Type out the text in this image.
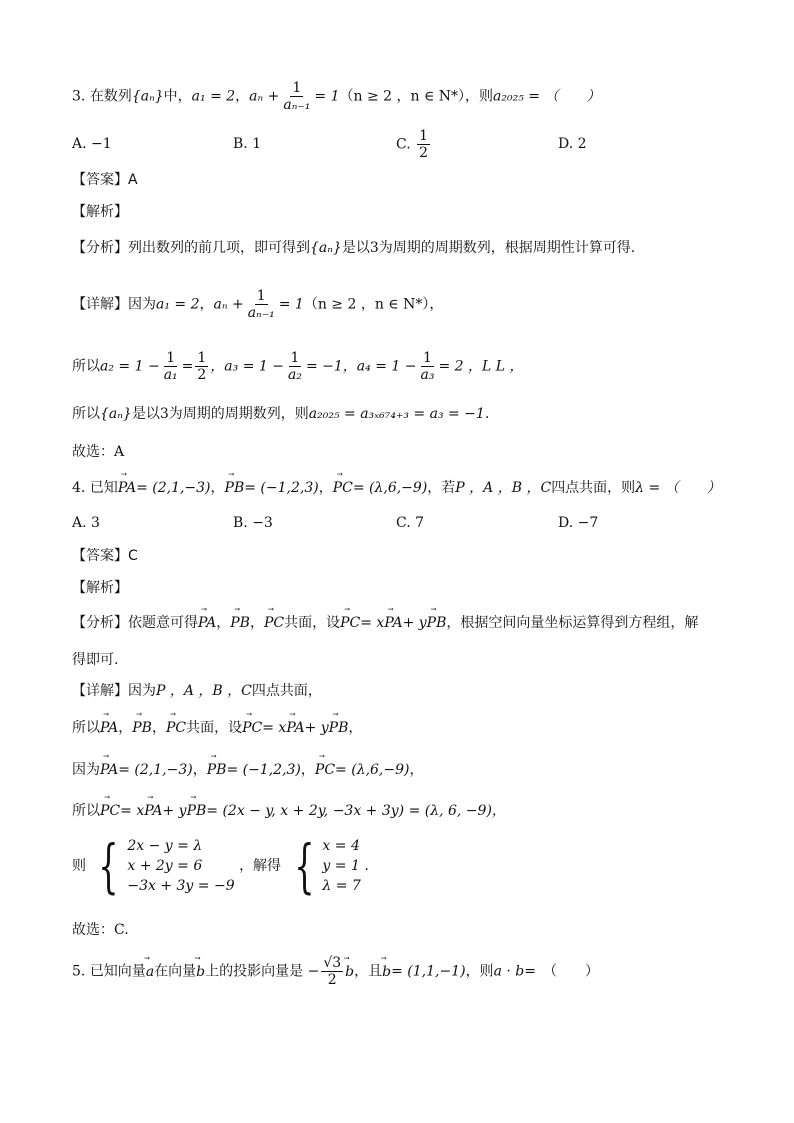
3. 在数列{aₙ}中，a₁ = 2，$a_n + \frac{1}{\text{aₙ₋₁}} = 1(n \ge 2$ ，n ∈ N*），则a₂₀₂₅ = （　　）
A. −1	B. 1	C. $\frac{1}{2}$	D. 2
【答案】A
【解析】
【分析】列出数列的前几项，即可得到{aₙ}是以3为周期的周期数列，根据周期性计算可得.
【详解】因为a₁ = 2，$a_n + \frac{1}{\text{aₙ₋₁}} = 1(n \ge 2$ ，n ∈ N*），
所以$a_2 = 1 - \frac{1}{\text{a₁}} = \frac{1}{2}$ ，$a_3 = 1 - \frac{1}{\text{a₂}} = -1$，$a_4 = 1 - \frac{1}{\text{a₃}} = 2$ ，L L ，
所以{aₙ}是以3为周期的周期数列，则a₂₀₂₅ = a₃ₓ₆₇₄₊₃ = a₃ = −1.
故选：A
4. 已知⃗ PA= (2,1,−3)，⃗ PB= (−1,2,3)，⃗ PC= (λ,6,−9)，若P ，A ，B ，C四点共面，则λ = （　　）
A. 3	B. −3	C. 7	D. −7
【答案】C
【解析】
【分析】依题意可得⃗ PA，⃗ PB，⃗ PC共面，设⃗ PC= x⃗ PA+ y⃗ PB，根据空间向量坐标运算得到方程组，解
得即可.
【详解】因为P ，A ，B ，C四点共面，
所以⃗ PA，⃗ PB，⃗ PC共面，设⃗ PC= x⃗ PA+ y⃗ PB，
因为⃗ PA= (2,1,−3)，⃗ PB= (−1,2,3)，⃗ PC= (λ,6,−9)，
所以⃗ PC= x⃗ PA+ y⃗ PB= (2x − y, x + 2y, −3x + 3y) = (λ, 6, −9)，
则 { 2x − y = λ
x + 2y = 6
−3x + 3y = −9
，解得 { x = 4
y = 1 .
λ = 7
故选：C.
5. 已知向量⃗ a在向量⃗ b上的投影向量是 − $\frac{√3}{2}$
⃗ b，且⃗ b= (1,1,−1)，则a · b=　（　　）
